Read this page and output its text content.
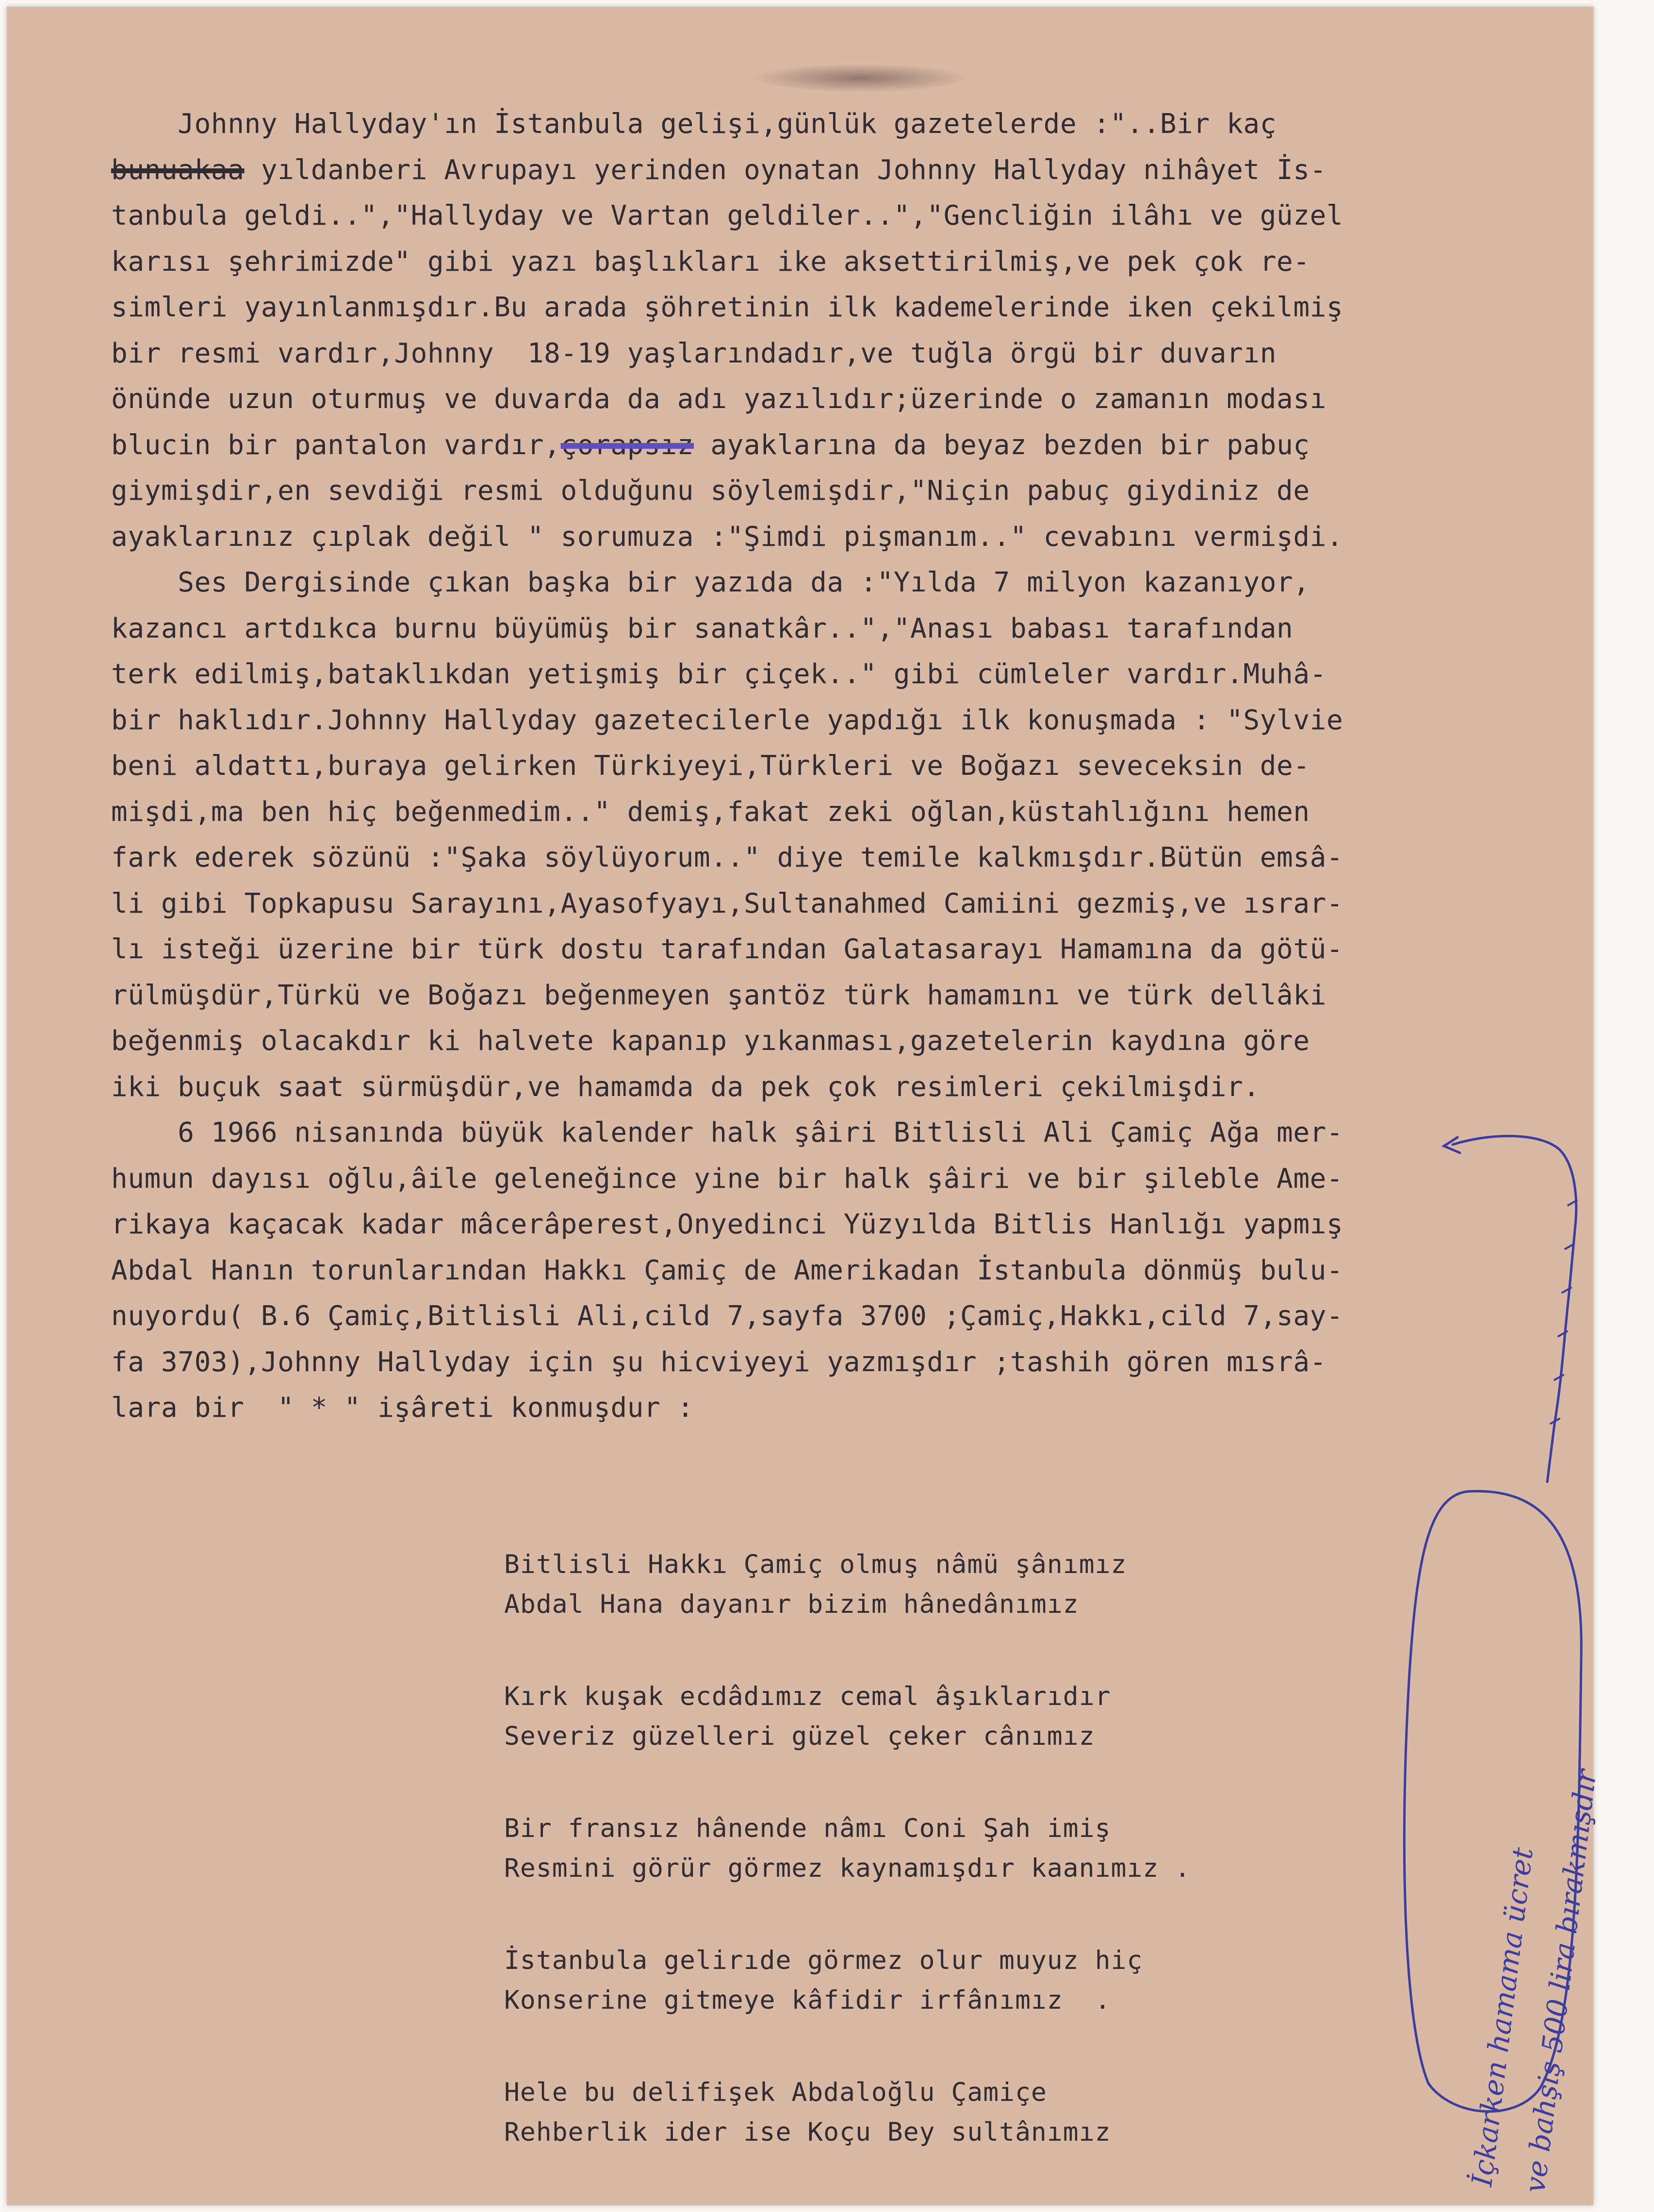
Johnny Hallyday'ın İstanbula gelişi,günlük gazetelerde :"..Bir kaç
bunuakaa yıldanberi Avrupayı yerinden oynatan Johnny Hallyday nihâyet İs-
tanbula geldi..","Hallyday ve Vartan geldiler..","Gencliğin ilâhı ve güzel
karısı şehrimizde" gibi yazı başlıkları ike aksettirilmiş,ve pek çok re-
simleri yayınlanmışdır.Bu arada şöhretinin ilk kademelerinde iken çekilmiş
bir resmi vardır,Johnny  18-19 yaşlarındadır,ve tuğla örgü bir duvarın
önünde uzun oturmuş ve duvarda da adı yazılıdır;üzerinde o zamanın modası
blucin bir pantalon vardır,çorapsız ayaklarına da beyaz bezden bir pabuç
giymişdir,en sevdiği resmi olduğunu söylemişdir,"Niçin pabuç giydiniz de
ayaklarınız çıplak değil " sorumuza :"Şimdi pişmanım.." cevabını vermişdi.
Ses Dergisinde çıkan başka bir yazıda da :"Yılda 7 milyon kazanıyor,
kazancı artdıkca burnu büyümüş bir sanatkâr..","Anası babası tarafından
terk edilmiş,bataklıkdan yetişmiş bir çiçek.." gibi cümleler vardır.Muhâ-
bir haklıdır.Johnny Hallyday gazetecilerle yapdığı ilk konuşmada : "Sylvie
beni aldattı,buraya gelirken Türkiyeyi,Türkleri ve Boğazı seveceksin de-
mişdi,ma ben hiç beğenmedim.." demiş,fakat zeki oğlan,küstahlığını hemen
fark ederek sözünü :"Şaka söylüyorum.." diye temile kalkmışdır.Bütün emsâ-
li gibi Topkapusu Sarayını,Ayasofyayı,Sultanahmed Camiini gezmiş,ve ısrar-
lı isteği üzerine bir türk dostu tarafından Galatasarayı Hamamına da götü-
rülmüşdür,Türkü ve Boğazı beğenmeyen şantöz türk hamamını ve türk dellâki
beğenmiş olacakdır ki halvete kapanıp yıkanması,gazetelerin kaydına göre
iki buçuk saat sürmüşdür,ve hamamda da pek çok resimleri çekilmişdir.
6 1966 nisanında büyük kalender halk şâiri Bitlisli Ali Çamiç Ağa mer-
humun dayısı oğlu,âile geleneğince yine bir halk şâiri ve bir şileble Ame-
rikaya kaçacak kadar mâcerâperest,Onyedinci Yüzyılda Bitlis Hanlığı yapmış
Abdal Hanın torunlarından Hakkı Çamiç de Amerikadan İstanbula dönmüş bulu-
nuyordu( B.6 Çamiç,Bitlisli Ali,cild 7,sayfa 3700 ;Çamiç,Hakkı,cild 7,say-
fa 3703),Johnny Hallyday için şu hicviyeyi yazmışdır ;tashih gören mısrâ-
lara bir  " * " işâreti konmuşdur :
Bitlisli Hakkı Çamiç olmuş nâmü şânımız
Abdal Hana dayanır bizim hânedânımız
Kırk kuşak ecdâdımız cemal âşıklarıdır
Severiz güzelleri güzel çeker cânımız
Bir fransız hânende nâmı Coni Şah imiş
Resmini görür görmez kaynamışdır kaanımız .
İstanbula gelirıde görmez olur muyuz hiç
Konserine gitmeye kâfidir irfânımız  .
Hele bu delifişek Abdaloğlu Çamiçe
Rehberlik ider ise Koçu Bey sultânımız	İçkarken hamama ücret
ve bahşiş 500 lira bırakmışdır
